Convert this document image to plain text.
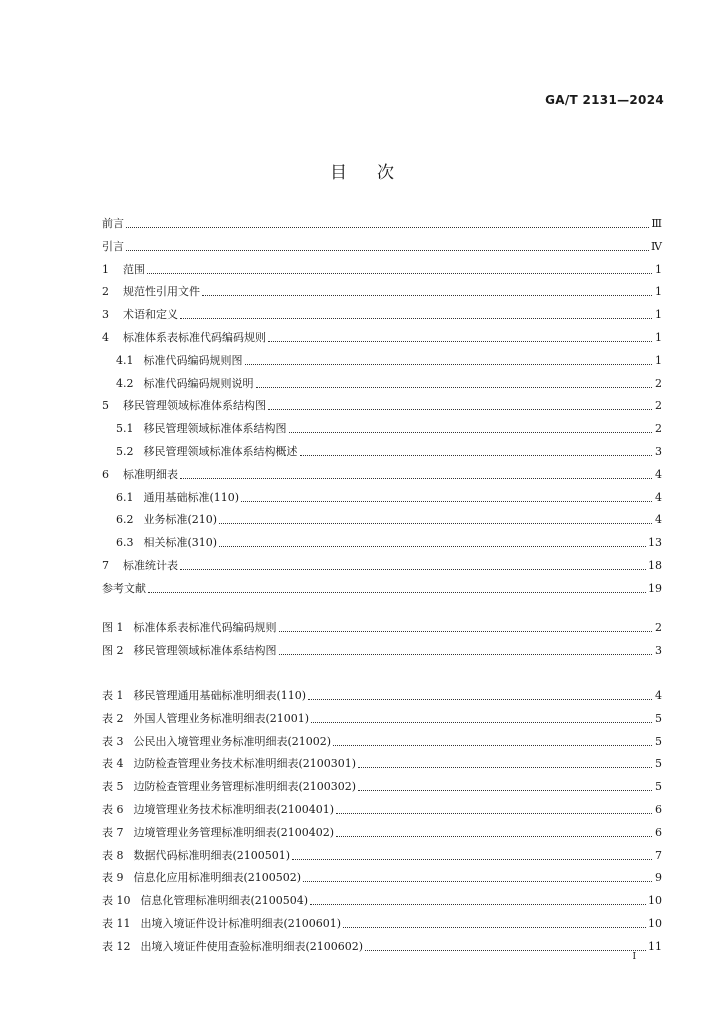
GA/T 2131—2024
目次
前言	Ⅲ
引言	Ⅳ
1 范围	1
2 规范性引用文件	1
3 术语和定义	1
4 标准体系表标准代码编码规则	1
4.1 标准代码编码规则图	1
4.2 标准代码编码规则说明	2
5 移民管理领域标准体系结构图	2
5.1 移民管理领域标准体系结构图	2
5.2 移民管理领域标准体系结构概述	3
6 标准明细表	4
6.1 通用基础标准(110)	4
6.2 业务标准(210)	4
6.3 相关标准(310)	13
7 标准统计表	18
参考文献	19
图 1 标准体系表标准代码编码规则	2
图 2 移民管理领域标准体系结构图	3
表 1 移民管理通用基础标准明细表(110)	4
表 2 外国人管理业务标准明细表(21001)	5
表 3 公民出入境管理业务标准明细表(21002)	5
表 4 边防检查管理业务技术标准明细表(2100301)	5
表 5 边防检查管理业务管理标准明细表(2100302)	5
表 6 边境管理业务技术标准明细表(2100401)	6
表 7 边境管理业务管理标准明细表(2100402)	6
表 8 数据代码标准明细表(2100501)	7
表 9 信息化应用标准明细表(2100502)	9
表 10 信息化管理标准明细表(2100504)	10
表 11 出境入境证件设计标准明细表(2100601)	10
表 12 出境入境证件使用查验标准明细表(2100602)	11
I
